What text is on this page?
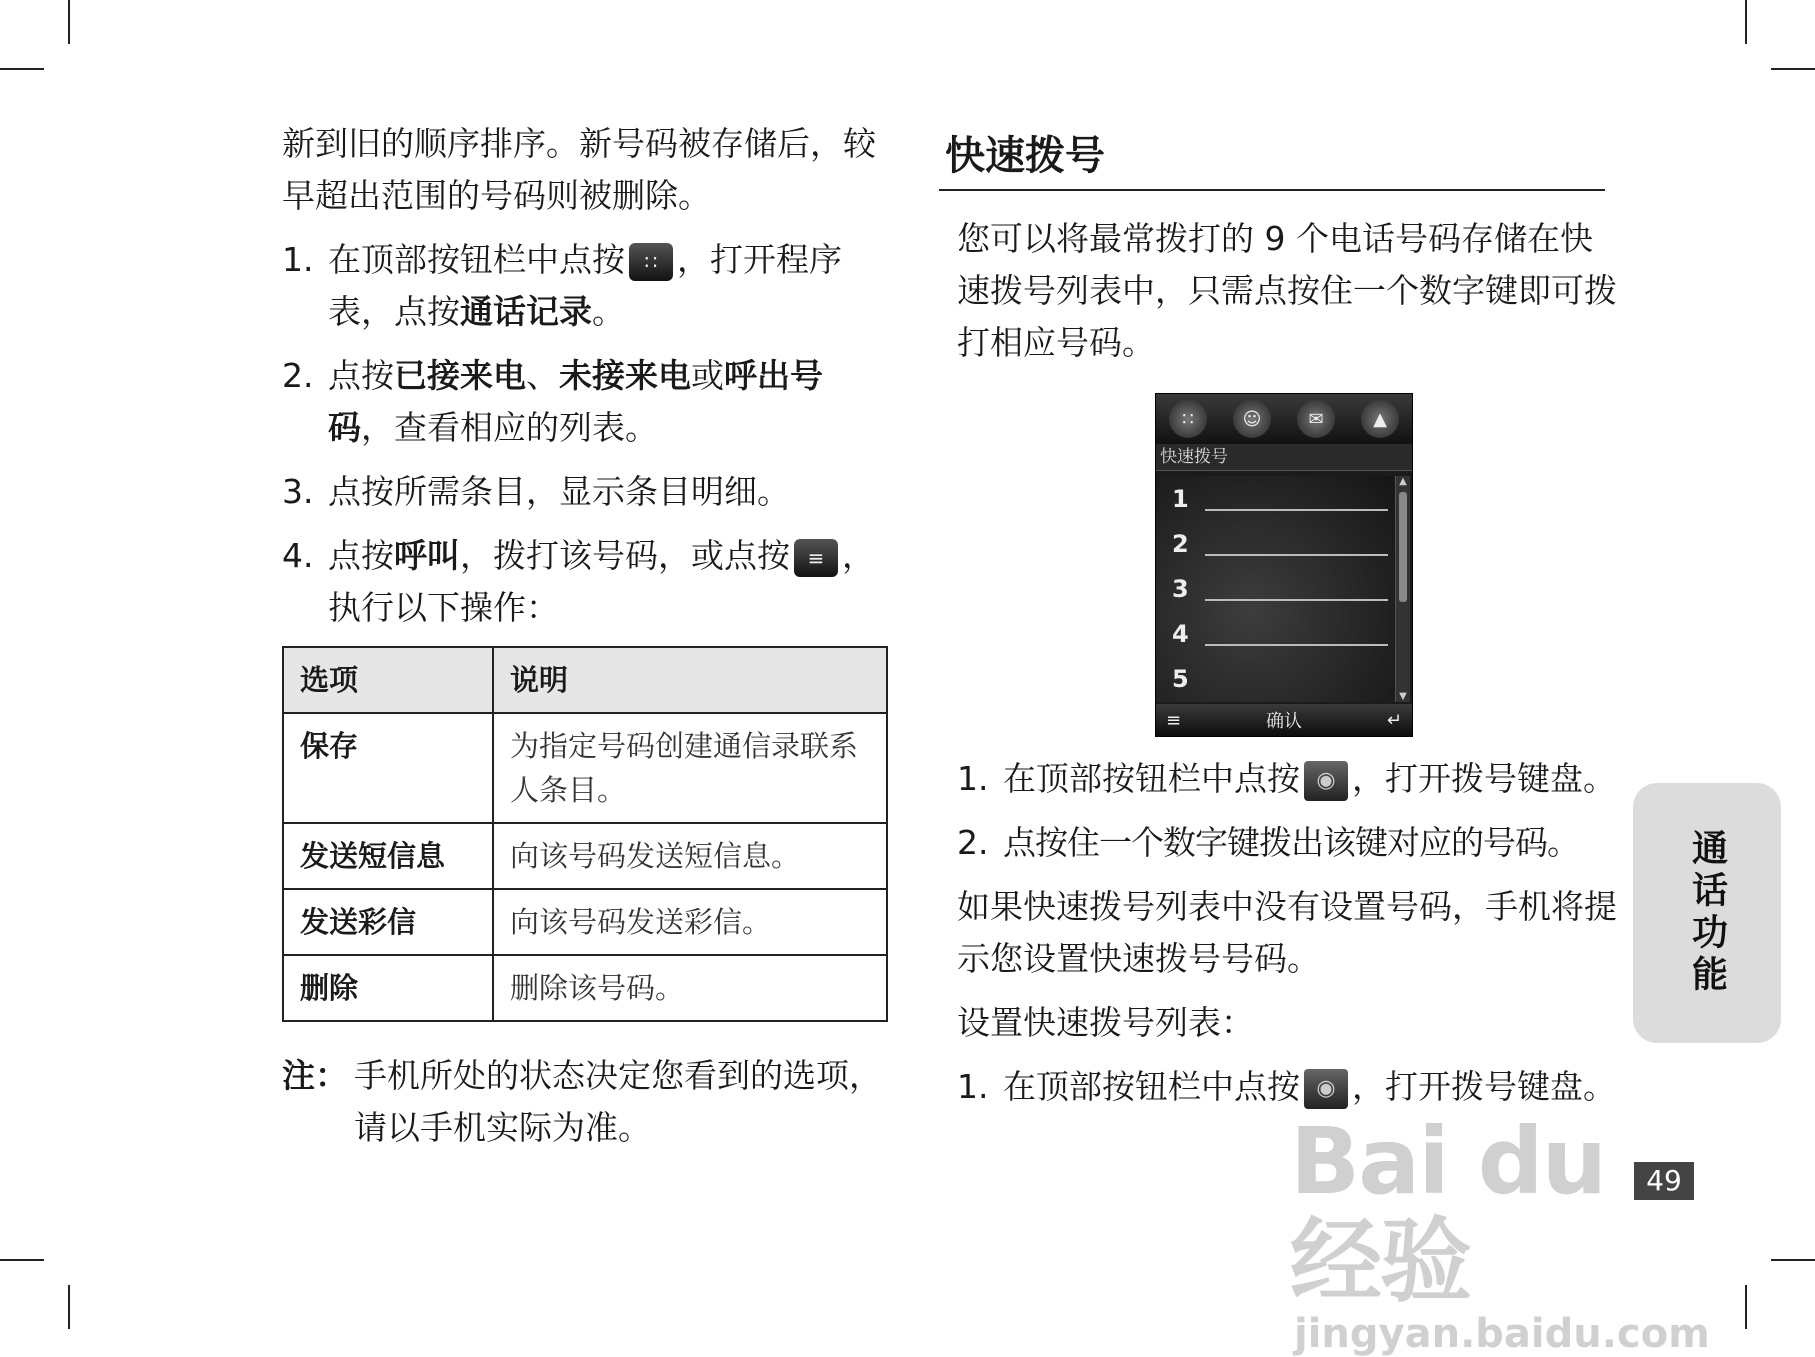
新到旧的顺序排序。新号码被存储后，较早超出范围的号码则被删除。

1. 在顶部按钮栏中点按 ∷ ，打开程序表，点按通话记录。
2. 点按已接来电、未接来电或呼出号码，查看相应的列表。
3. 点按所需条目，显示条目明细。
4. 点按呼叫，拨打该号码，或点按 ≡ ，执行以下操作：
选项	说明
保存	为指定号码创建通信录联系人条目。
发送短信息	向该号码发送短信息。
发送彩信	向该号码发送彩信。
删除	删除该号码。
注： 手机所处的状态决定您看到的选项，请以手机实际为准。
快速拨号

您可以将最常拨打的 9 个电话号码存储在快速拨号列表中，只需点按住一个数字键即可拨打相应号码。

∷	☺	✉	▲
快速拨号
1
2
3
4
5
▲
▼
≡	确认	↵
1. 在顶部按钮栏中点按 ◉ ，打开拨号键盘。
2. 点按住一个数字键拨出该键对应的号码。

如果快速拨号列表中没有设置号码，手机将提示您设置快速拨号号码。

设置快速拨号列表：

1. 在顶部按钮栏中点按 ◉ ，打开拨号键盘。
通话功能
49
Bai du 经验
jingyan.baidu.com
